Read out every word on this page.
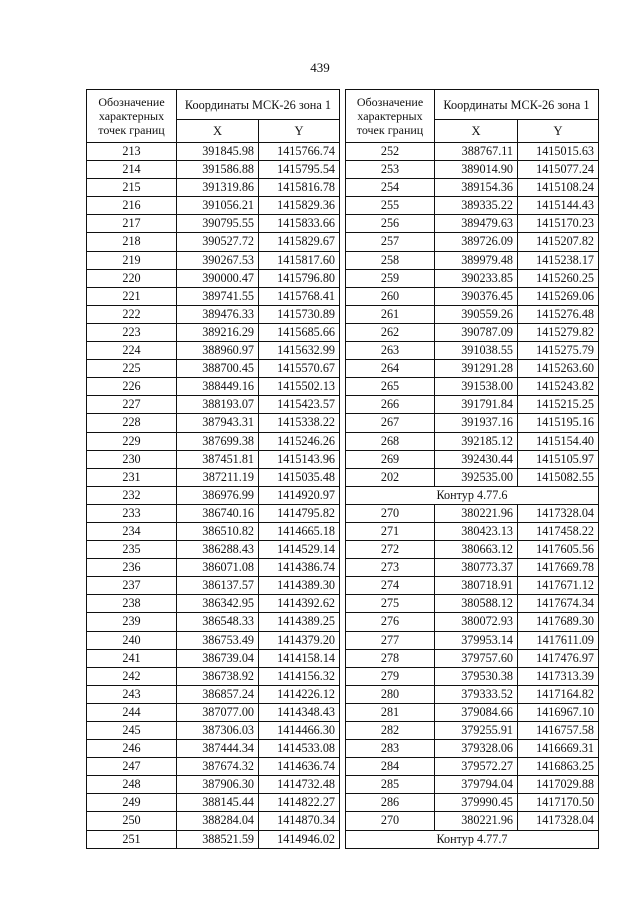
439
Обозначение характерных точек границ	Координаты МСК-26 зона 1	
	X	Y
213	391845.98	1415766.74
214	391586.88	1415795.54
215	391319.86	1415816.78
216	391056.21	1415829.36
217	390795.55	1415833.66
218	390527.72	1415829.67
219	390267.53	1415817.60
220	390000.47	1415796.80
221	389741.55	1415768.41
222	389476.33	1415730.89
223	389216.29	1415685.66
224	388960.97	1415632.99
225	388700.45	1415570.67
226	388449.16	1415502.13
227	388193.07	1415423.57
228	387943.31	1415338.22
229	387699.38	1415246.26
230	387451.81	1415143.96
231	387211.19	1415035.48
232	386976.99	1414920.97
233	386740.16	1414795.82
234	386510.82	1414665.18
235	386288.43	1414529.14
236	386071.08	1414386.74
237	386137.57	1414389.30
238	386342.95	1414392.62
239	386548.33	1414389.25
240	386753.49	1414379.20
241	386739.04	1414158.14
242	386738.92	1414156.32
243	386857.24	1414226.12
244	387077.00	1414348.43
245	387306.03	1414466.30
246	387444.34	1414533.08
247	387674.32	1414636.74
248	387906.30	1414732.48
249	388145.44	1414822.27
250	388284.04	1414870.34
251	388521.59	1414946.02
Обозначение характерных точек границ	Координаты МСК-26 зона 1	
	X	Y
252	388767.11	1415015.63
253	389014.90	1415077.24
254	389154.36	1415108.24
255	389335.22	1415144.43
256	389479.63	1415170.23
257	389726.09	1415207.82
258	389979.48	1415238.17
259	390233.85	1415260.25
260	390376.45	1415269.06
261	390559.26	1415276.48
262	390787.09	1415279.82
263	391038.55	1415275.79
264	391291.28	1415263.60
265	391538.00	1415243.82
266	391791.84	1415215.25
267	391937.16	1415195.16
268	392185.12	1415154.40
269	392430.44	1415105.97
202	392535.00	1415082.55
Контур 4.77.6		
270	380221.96	1417328.04
271	380423.13	1417458.22
272	380663.12	1417605.56
273	380773.37	1417669.78
274	380718.91	1417671.12
275	380588.12	1417674.34
276	380072.93	1417689.30
277	379953.14	1417611.09
278	379757.60	1417476.97
279	379530.38	1417313.39
280	379333.52	1417164.82
281	379084.66	1416967.10
282	379255.91	1416757.58
283	379328.06	1416669.31
284	379572.27	1416863.25
285	379794.04	1417029.88
286	379990.45	1417170.50
270	380221.96	1417328.04
Контур 4.77.7		
